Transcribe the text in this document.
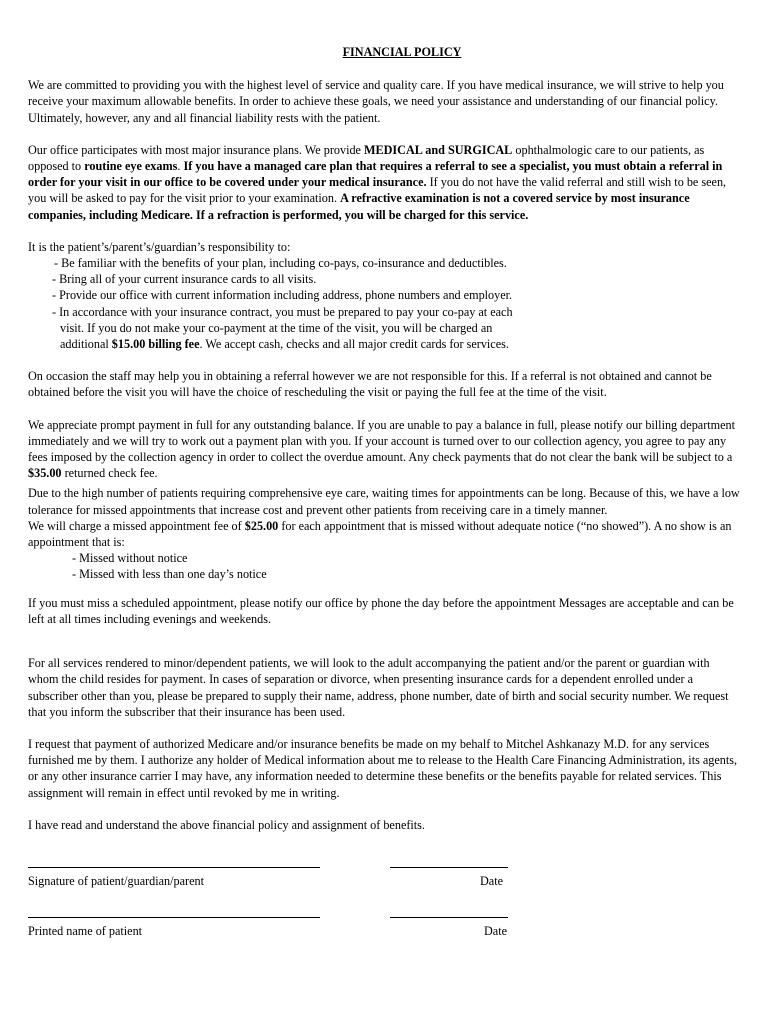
FINANCIAL POLICY

We are committed to providing you with the highest level of service and quality care. If you have medical insurance, we will strive to help you receive your maximum allowable benefits. In order to achieve these goals, we need your assistance and understanding of our financial policy. Ultimately, however, any and all financial liability rests with the patient.

Our office participates with most major insurance plans. We provide MEDICAL and SURGICAL ophthalmologic care to our patients, as opposed to routine eye exams. If you have a managed care plan that requires a referral to see a specialist, you must obtain a referral in order for your visit in our office to be covered under your medical insurance. If you do not have the valid referral and still wish to be seen, you will be asked to pay for the visit prior to your examination. A refractive examination is not a covered service by most insurance companies, including Medicare. If a refraction is performed, you will be charged for this service.

It is the patient’s/parent’s/guardian’s responsibility to:

- Be familiar with the benefits of your plan, including co-pays, co-insurance and deductibles.
- Bring all of your current insurance cards to all visits.
- Provide our office with current information including address, phone numbers and employer.
- In accordance with your insurance contract, you must be prepared to pay your co-pay at each
visit. If you do not make your co-payment at the time of the visit, you will be charged an
additional $15.00 billing fee. We accept cash, checks and all major credit cards for services.

On occasion the staff may help you in obtaining a referral however we are not responsible for this. If a referral is not obtained and cannot be obtained before the visit you will have the choice of rescheduling the visit or paying the full fee at the time of the visit.

We appreciate prompt payment in full for any outstanding balance. If you are unable to pay a balance in full, please notify our billing department immediately and we will try to work out a payment plan with you. If your account is turned over to our collection agency, you agree to pay any fees imposed by the collection agency in order to collect the overdue amount. Any check payments that do not clear the bank will be subject to a $35.00 returned check fee.

Due to the high number of patients requiring comprehensive eye care, waiting times for appointments can be long. Because of this, we have a low tolerance for missed appointments that increase cost and prevent other patients from receiving care in a timely manner.

We will charge a missed appointment fee of $25.00 for each appointment that is missed without adequate notice (“no showed”). A no show is an appointment that is:

- Missed without notice
- Missed with less than one day’s notice

If you must miss a scheduled appointment, please notify our office by phone the day before the appointment Messages are acceptable and can be left at all times including evenings and weekends.

For all services rendered to minor/dependent patients, we will look to the adult accompanying the patient and/or the parent or guardian with whom the child resides for payment. In cases of separation or divorce, when presenting insurance cards for a dependent enrolled under a subscriber other than you, please be prepared to supply their name, address, phone number, date of birth and social security number. We request that you inform the subscriber that their insurance has been used.

I request that payment of authorized Medicare and/or insurance benefits be made on my behalf to Mitchel Ashkanazy M.D. for any services furnished me by them. I authorize any holder of Medical information about me to release to the Health Care Financing Administration, its agents, or any other insurance carrier I may have, any information needed to determine these benefits or the benefits payable for related services. This assignment will remain in effect until revoked by me in writing.

I have read and understand the above financial policy and assignment of benefits.

Signature of patient/guardian/parent	Date
Printed name of patient	Date
